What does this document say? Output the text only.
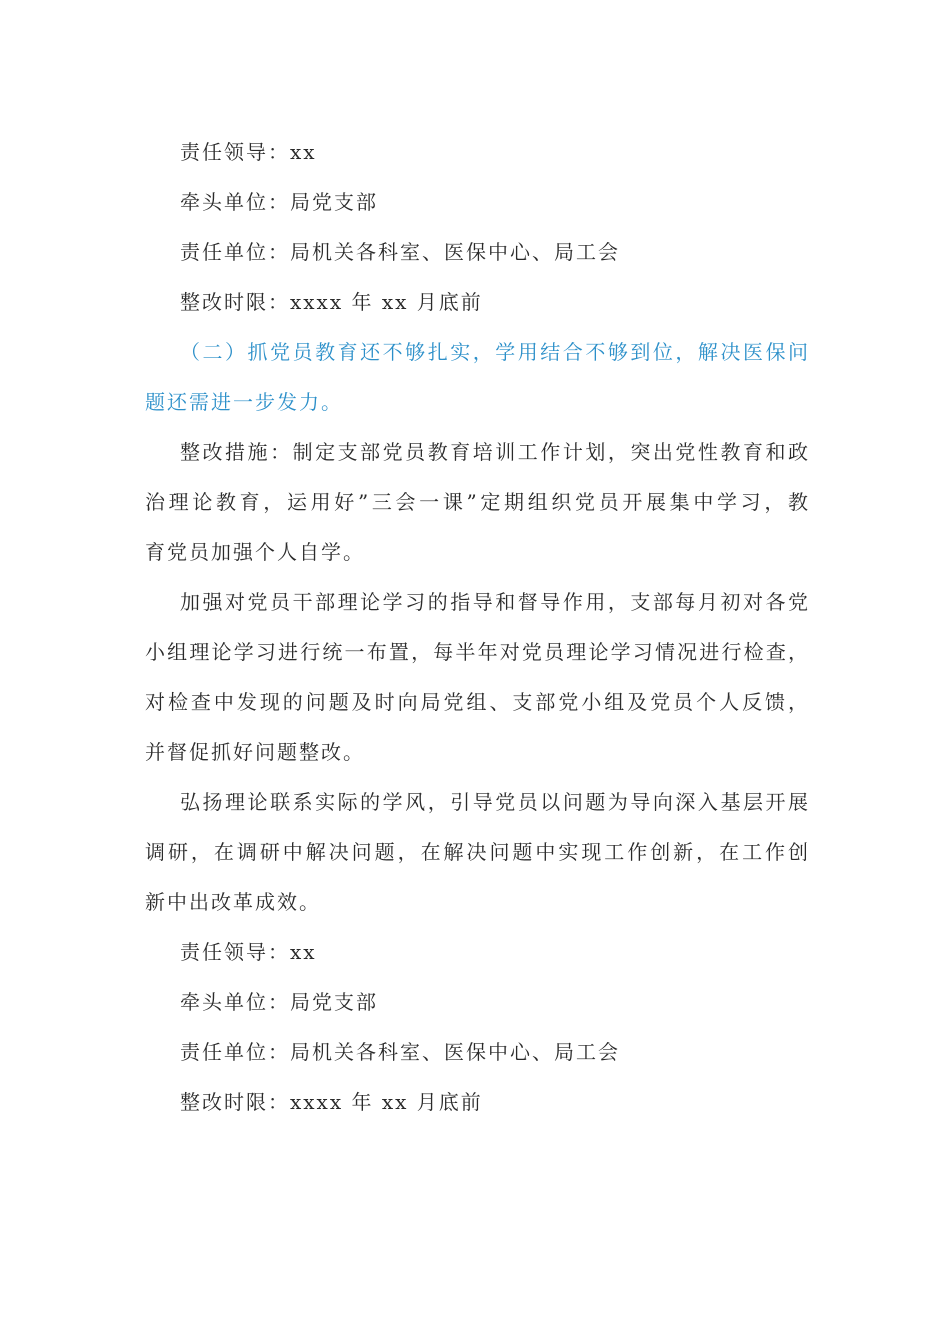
责任领导：xx

牵头单位：局党支部

责任单位：局机关各科室、医保中心、局工会

整改时限：xxxx 年 xx 月底前

（二）抓党员教育还不够扎实，学用结合不够到位，解决医保问

题还需进一步发力。

整改措施：制定支部党员教育培训工作计划，突出党性教育和政

治理论教育，运用好”三会一课”定期组织党员开展集中学习，教

育党员加强个人自学。

加强对党员干部理论学习的指导和督导作用，支部每月初对各党

小组理论学习进行统一布置，每半年对党员理论学习情况进行检查，

对检查中发现的问题及时向局党组、支部党小组及党员个人反馈，

并督促抓好问题整改。

弘扬理论联系实际的学风，引导党员以问题为导向深入基层开展

调研，在调研中解决问题，在解决问题中实现工作创新，在工作创

新中出改革成效。

责任领导：xx

牵头单位：局党支部

责任单位：局机关各科室、医保中心、局工会

整改时限：xxxx 年 xx 月底前
